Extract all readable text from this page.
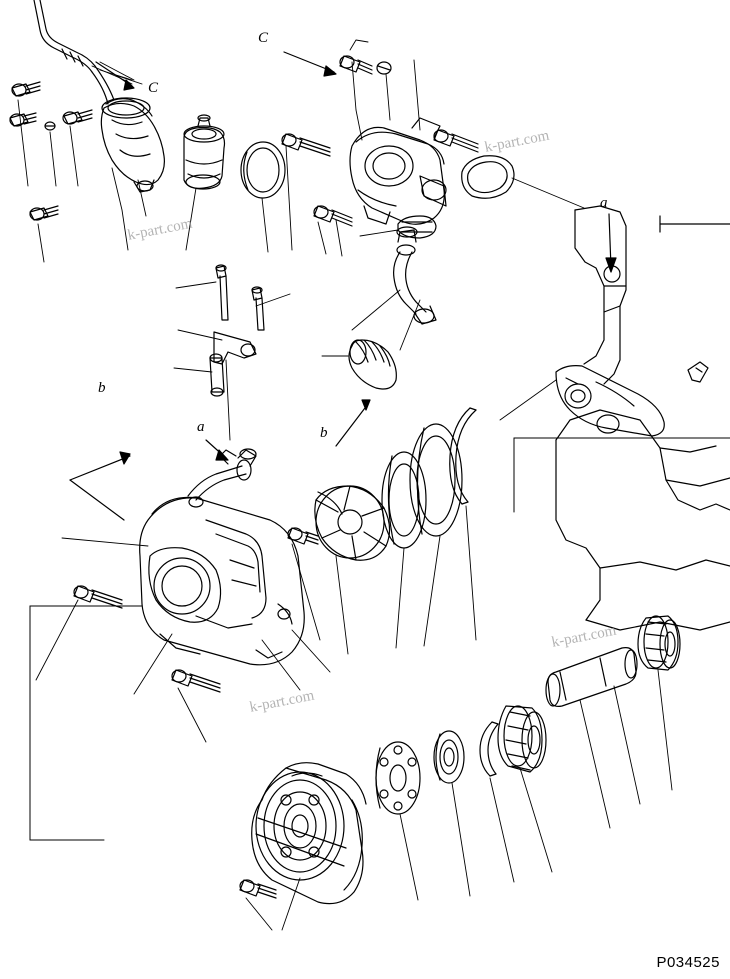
k-part.com
k-part.com
k-part.com
k-part.com
C
C
a
a
b
b
P034525
